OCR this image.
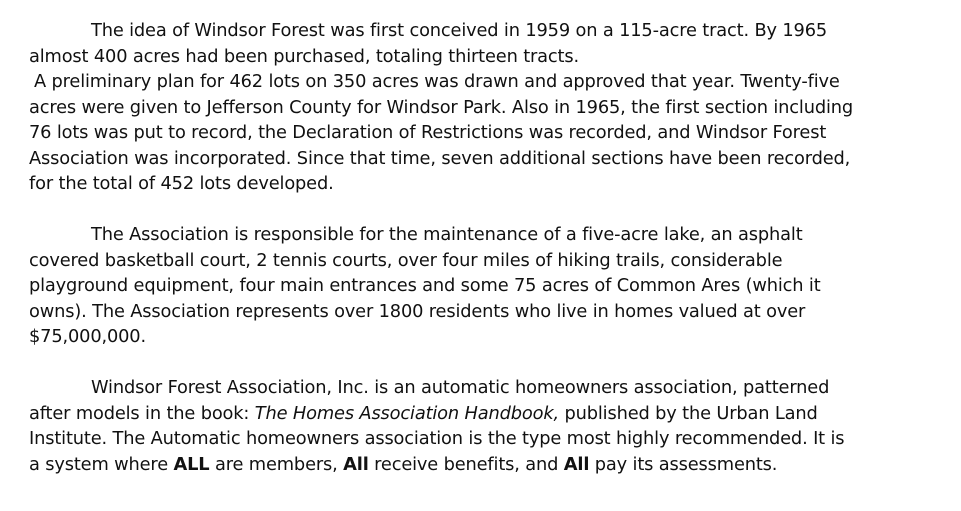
The idea of Windsor Forest was first conceived in 1959 on a 115-acre tract. By 1965
almost 400 acres had been purchased, totaling thirteen tracts.
A preliminary plan for 462 lots on 350 acres was drawn and approved that year. Twenty-five
acres were given to Jefferson County for Windsor Park. Also in 1965, the first section including
76 lots was put to record, the Declaration of Restrictions was recorded, and Windsor Forest
Association was incorporated. Since that time, seven additional sections have been recorded,
for the total of 452 lots developed.

The Association is responsible for the maintenance of a five-acre lake, an asphalt
covered basketball court, 2 tennis courts, over four miles of hiking trails, considerable
playground equipment, four main entrances and some 75 acres of Common Ares (which it
owns). The Association represents over 1800 residents who live in homes valued at over
$75,000,000.

Windsor Forest Association, Inc. is an automatic homeowners association, patterned
after models in the book: The Homes Association Handbook, published by the Urban Land
Institute. The Automatic homeowners association is the type most highly recommended. It is
a system where ALL are members, All receive benefits, and All pay its assessments.
